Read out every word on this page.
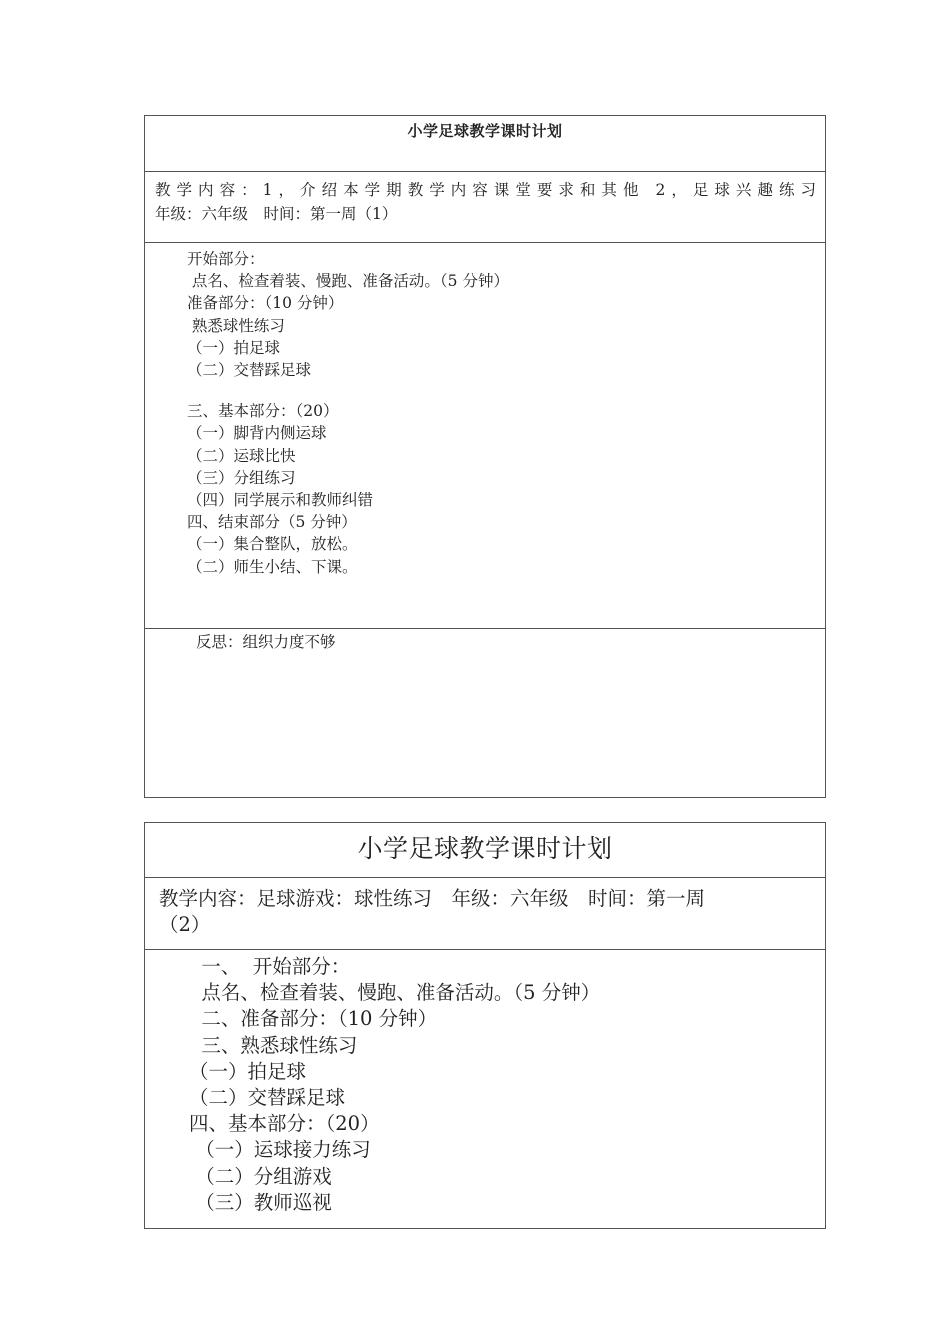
小学足球教学课时计划
教学内容：1，介绍本学期教学内容课堂要求和其他 2，足球兴趣练习
年级：六年级　时间：第一周（1）
开始部分：
点名、检查着装、慢跑、准备活动。（5 分钟）
准备部分：（10 分钟）
熟悉球性练习
（一）拍足球
（二）交替踩足球
三、基本部分：（20）
（一）脚背内侧运球
（二）运球比快
（三）分组练习
（四）同学展示和教师纠错
四、结束部分（5 分钟）
（一）集合整队，放松。
（二）师生小结、下课。
反思：组织力度不够
小学足球教学课时计划
教学内容：足球游戏：球性练习　年级：六年级　时间：第一周
（2）
一、  开始部分：
点名、检查着装、慢跑、准备活动。（5 分钟）
二、准备部分：（10 分钟）
三、熟悉球性练习
（一）拍足球
（二）交替踩足球
四、基本部分：（20）
（一）运球接力练习
（二）分组游戏
（三）教师巡视
